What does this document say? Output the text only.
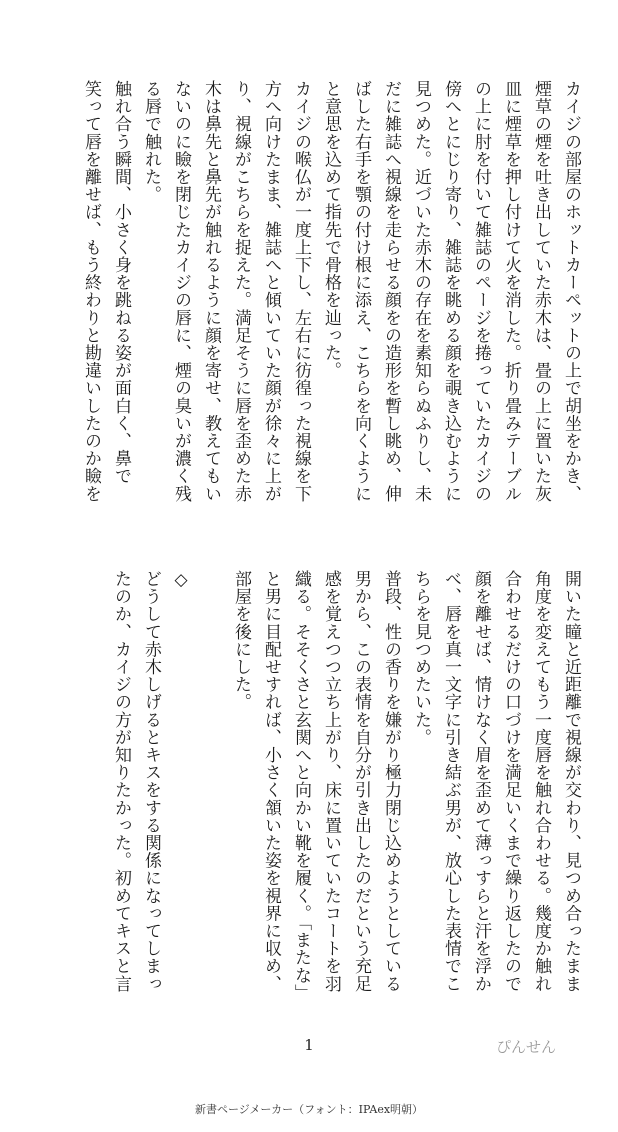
カイジの部屋のホットカーペットの上で胡坐をかき、

煙草の煙を吐き出していた赤木は、畳の上に置いた灰

皿に煙草を押し付けて火を消した。折り畳みテーブル

の上に肘を付いて雑誌のページを捲っていたカイジの

傍へとにじり寄り、雑誌を眺める顔を覗き込むように

見つめた。近づいた赤木の存在を素知らぬふりし、未

だに雑誌へ視線を走らせる顔をの造形を暫し眺め、伸

ばした右手を顎の付け根に添え、こちらを向くように

と意思を込めて指先で骨格を辿った。

カイジの喉仏が一度上下し、左右に彷徨った視線を下

方へ向けたまま、雑誌へと傾いていた顔が徐々に上が

り、視線がこちらを捉えた。満足そうに唇を歪めた赤

木は鼻先と鼻先が触れるように顔を寄せ、教えてもい

ないのに瞼を閉じたカイジの唇に、煙の臭いが濃く残

る唇で触れた。

触れ合う瞬間、小さく身を跳ねる姿が面白く、鼻で

笑って唇を離せば、もう終わりと勘違いしたのか瞼を

開いた瞳と近距離で視線が交わり、見つめ合ったまま

角度を変えてもう一度唇を触れ合わせる。幾度か触れ

合わせるだけの口づけを満足いくまで繰り返したので

顔を離せば、情けなく眉を歪めて薄っすらと汗を浮か

べ、唇を真一文字に引き結ぶ男が、放心した表情でこ

ちらを見つめたいた。

普段、性の香りを嫌がり極力閉じ込めようとしている

男から、この表情を自分が引き出したのだという充足

感を覚えつつ立ち上がり、床に置いていたコートを羽

織る。そそくさと玄関へと向かい靴を履く。「またな」

と男に目配せすれば、小さく頷いた姿を視界に収め、

部屋を後にした。

◇

どうして赤木しげるとキスをする関係になってしまっ

たのか、カイジの方が知りたかった。初めてキスと言

1	ぴんせん
新書ページメーカー（フォント：IPAex明朝）
